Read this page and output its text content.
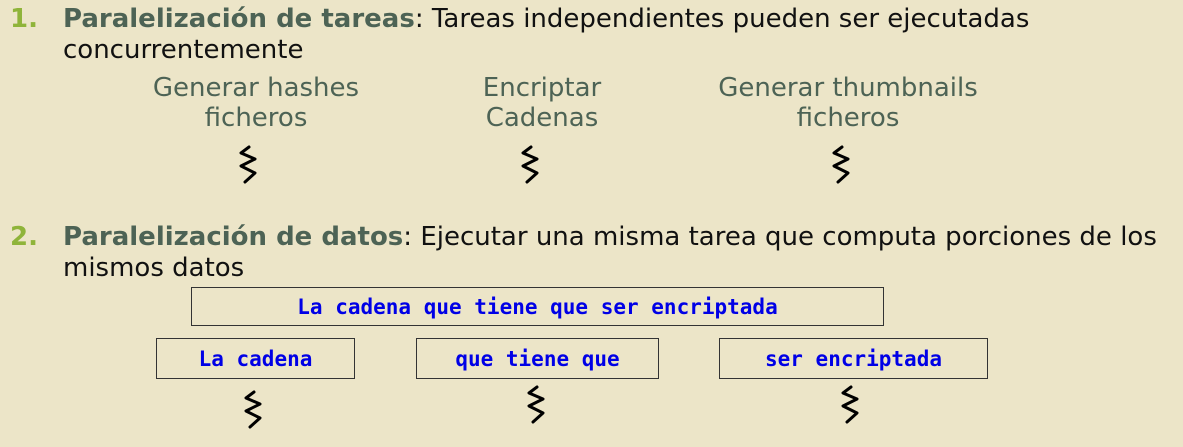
1. Paralelización de tareas: Tareas independientes pueden ser ejecutadas concurrentemente
Generar hashes
ficheros
Encriptar
Cadenas
Generar thumbnails
ficheros
2. Paralelización de datos: Ejecutar una misma tarea que computa porciones de los mismos datos
La cadena que tiene que ser encriptada
La cadena	que tiene que	ser encriptada
